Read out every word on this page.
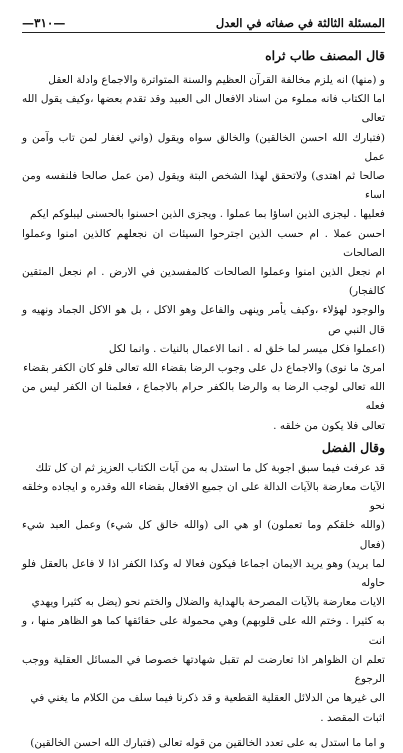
المسئلة الثالثة في صفاته في العدل
—٣١٠—
قال المصنف طاب ثراه

و (منها) انه يلزم مخالفة القرآن العظيم والسنة المتواترة والاجماع وادلة العقل

اما الكتاب فانه مملوء من اسناد الافعال الى العبيد وقد تقدم بعضها ،وكيف يقول الله تعالى

(فتبارك الله احسن الخالقين) والخالق سواه ويقول (واني لغفار لمن تاب وآمن و عمل

صالحا ثم اهتدى) ولاتحقق لهذا الشخص البتة ويقول (من عمل صالحا فلنفسه ومن اساء

فعليها . ليجزى الذين اساؤا بما عملوا . ويجزى الذين احسنوا بالحسنى ليبلوكم ايكم

احسن عملا . ام حسب الذين اجترحوا السيئات ان نجعلهم كالذين امنوا وعملوا الصالحات

ام نجعل الذين امنوا وعملوا الصالحات كالمفسدين في الارض . ام نجعل المتقين كالفجار)

والوجود لهؤلاء ،وكيف يأمر وينهى والفاعل وهو الاكل ، بل هو الاكل الجماد ونهيه و قال النبي ص

(اعملوا فكل ميسر لما خلق له . انما الاعمال بالنيات . وانما لكل

امرئ ما نوى) والاجماع دل على وجوب الرضا بقضاء الله تعالى فلو كان الكفر بقضاء

الله تعالى لوجب الرضا به والرضا بالكفر حرام بالاجماع ، فعلمنا ان الكفر ليس من فعله

تعالى فلا يكون من خلقه .

وقال الفضل

قد عرفت فيما سبق اجوبة كل ما استدل به من آيات الكتاب العزيز ثم ان كل تلك

الآيات معارضة بالآيات الدالة على ان جميع الافعال بقضاء الله وقدره و ايجاده وخلقه نحو

(والله خلقكم وما تعملون) او هي الى (والله خالق كل شيء) وعمل العبد شيء (فعال

لما يريد) وهو يريد الايمان اجماعا فيكون فعالا له وكذا الكفر اذا لا فاعل بالعقل فلو حاوله

الايات معارضة بالآيات المصرحة بالهداية والضلال والختم نحو (يضل به كثيرا ويهدي

به كثيرا . وختم الله على قلوبهم) وهي محمولة على حقائقها كما هو الظاهر منها ، و انت

تعلم ان الظواهر اذا تعارضت لم تقبل شهادتها خصوصا في المسائل العقلية ووجب الرجوع

الى غيرها من الدلائل العقلية القطعية و قد ذكرنا فيما سلف من الكلام ما يغني في

اثبات المقصد .

و اما ما استدل به على تعدد الخالقين من قوله تعالى (فتبارك الله احسن الخالقين)
